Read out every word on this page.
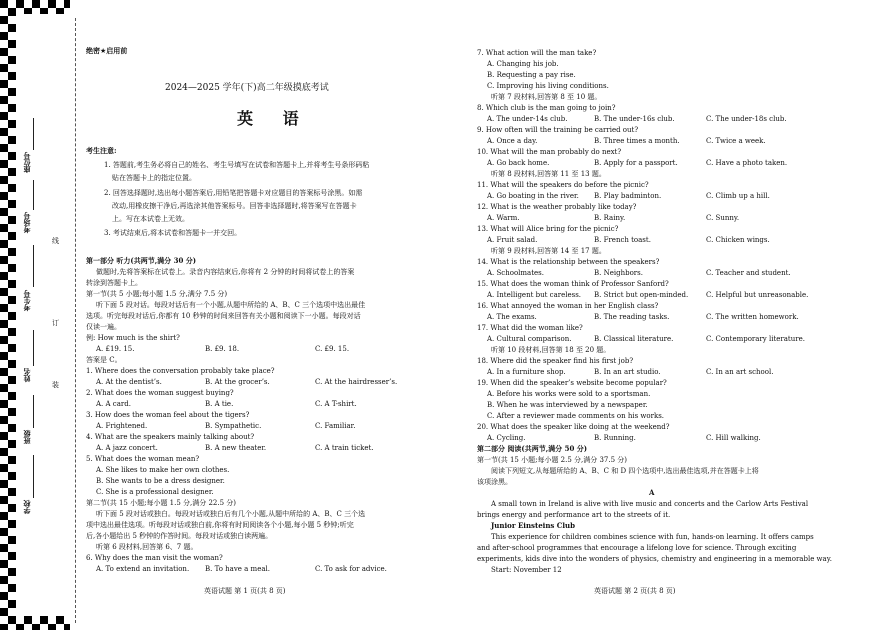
座位号
考场号
考生号
姓名
班级
学校
线
订
装
绝密★启用前
2024—2025 学年(下)高二年级摸底考试
英 语
考生注意:
1. 答题前,考生务必将自己的姓名、考生号填写在试卷和答题卡上,并将考生号条形码粘
贴在答题卡上的指定位置。
2. 回答选择题时,选出每小题答案后,用铅笔把答题卡对应题目的答案标号涂黑。如需
改动,用橡皮擦干净后,再选涂其他答案标号。回答非选择题时,将答案写在答题卡
上。写在本试卷上无效。
3. 考试结束后,将本试卷和答题卡一并交回。
第一部分 听力(共两节,满分 30 分)
做题时,先将答案标在试卷上。录音内容结束后,你将有 2 分钟的时间将试卷上的答案
转涂到答题卡上。
第一节(共 5 小题;每小题 1.5 分,满分 7.5 分)
听下面 5 段对话。每段对话后有一个小题,从题中所给的 A、B、C 三个选项中选出最佳
选项。听完每段对话后,你都有 10 秒钟的时间来回答有关小题和阅读下一小题。每段对话
仅读一遍。
例: How much is the shirt?
A. £19. 15.	B. £9. 18.	C. £9. 15.
答案是 C。
1. Where does the conversation probably take place?
A. At the dentist’s.	B. At the grocer’s.	C. At the hairdresser’s.
2. What does the woman suggest buying?
A. A card.	B. A tie.	C. A T-shirt.
3. How does the woman feel about the tigers?
A. Frightened.	B. Sympathetic.	C. Familiar.
4. What are the speakers mainly talking about?
A. A jazz concert.	B. A new theater.	C. A train ticket.
5. What does the woman mean?
A. She likes to make her own clothes.
B. She wants to be a dress designer.
C. She is a professional designer.
第二节(共 15 小题;每小题 1.5 分,满分 22.5 分)
听下面 5 段对话或独白。每段对话或独白后有几个小题,从题中所给的 A、B、C 三个选
项中选出最佳选项。听每段对话或独白前,你将有时间阅读各个小题,每小题 5 秒钟;听完
后,各小题给出 5 秒钟的作答时间。每段对话或独白读两遍。
听第 6 段材料,回答第 6、7 题。
6. Why does the man visit the woman?
A. To extend an invitation. B. To have a meal.	C. To ask for advice.
英语试题 第 1 页(共 8 页)
7. What action will the man take?
A. Changing his job.
B. Requesting a pay rise.
C. Improving his living conditions.
听第 7 段材料,回答第 8 至 10 题。
8. Which club is the man going to join?
A. The under-14s club.	B. The under-16s club.	C. The under-18s club.
9. How often will the training be carried out?
A. Once a day.	B. Three times a month.	C. Twice a week.
10. What will the man probably do next?
A. Go back home.	B. Apply for a passport.	C. Have a photo taken.
听第 8 段材料,回答第 11 至 13 题。
11. What will the speakers do before the picnic?
A. Go boating in the river. B. Play badminton.	C. Climb up a hill.
12. What is the weather probably like today?
A. Warm.	B. Rainy.	C. Sunny.
13. What will Alice bring for the picnic?
A. Fruit salad.	B. French toast.	C. Chicken wings.
听第 9 段材料,回答第 14 至 17 题。
14. What is the relationship between the speakers?
A. Schoolmates.	B. Neighbors.	C. Teacher and student.
15. What does the woman think of Professor Sanford?
A. Intelligent but careless. B. Strict but open-minded.	C. Helpful but unreasonable.
16. What annoyed the woman in her English class?
A. The exams.	B. The reading tasks.	C. The written homework.
17. What did the woman like?
A. Cultural comparison.	B. Classical literature.	C. Contemporary literature.
听第 10 段材料,回答第 18 至 20 题。
18. Where did the speaker find his first job?
A. In a furniture shop.	B. In an art studio.	C. In an art school.
19. When did the speaker’s website become popular?
A. Before his works were sold to a sportsman.
B. When he was interviewed by a newspaper.
C. After a reviewer made comments on his works.
20. What does the speaker like doing at the weekend?
A. Cycling.	B. Running.	C. Hill walking.
第二部分 阅读(共两节,满分 50 分)
第一节(共 15 小题;每小题 2.5 分,满分 37.5 分)
阅读下列短文,从每题所给的 A、B、C 和 D 四个选项中,选出最佳选项,并在答题卡上将
该项涂黑。
A
A small town in Ireland is alive with live music and concerts and the Carlow Arts Festival
brings energy and performance art to the streets of it.
Junior Einsteins Club
This experience for children combines science with fun, hands-on learning. It offers camps
and after-school programmes that encourage a lifelong love for science. Through exciting
experiments, kids dive into the wonders of physics, chemistry and engineering in a memorable way.
Start: November 12
英语试题 第 2 页(共 8 页)
